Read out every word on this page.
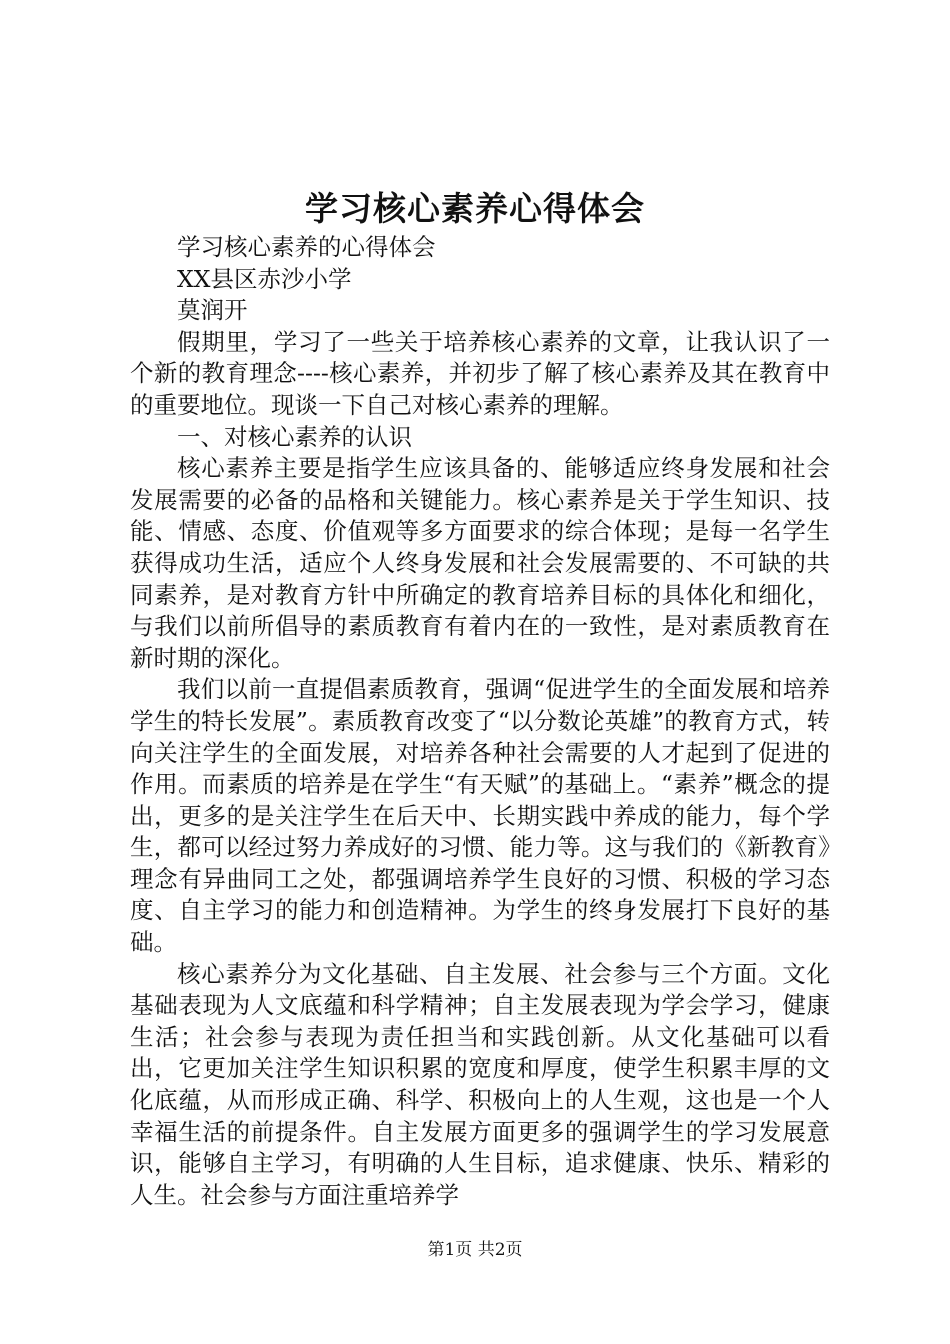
学习核心素养心得体会

学习核心素养的心得体会

XX县区赤沙小学

莫润开

假期里，学习了一些关于培养核心素养的文章，让我认识了一个新的教育理念----核心素养，并初步了解了核心素养及其在教育中的重要地位。现谈一下自己对核心素养的理解。

一、对核心素养的认识

核心素养主要是指学生应该具备的、能够适应终身发展和社会发展需要的必备的品格和关键能力。核心素养是关于学生知识、技能、情感、态度、价值观等多方面要求的综合体现；是每一名学生获得成功生活，适应个人终身发展和社会发展需要的、不可缺的共同素养，是对教育方针中所确定的教育培养目标的具体化和细化，与我们以前所倡导的素质教育有着内在的一致性，是对素质教育在新时期的深化。

我们以前一直提倡素质教育，强调“促进学生的全面发展和培养学生的特长发展”。素质教育改变了“以分数论英雄”的教育方式，转向关注学生的全面发展，对培养各种社会需要的人才起到了促进的作用。而素质的培养是在学生“有天赋”的基础上。“素养”概念的提出，更多的是关注学生在后天中、长期实践中养成的能力，每个学生，都可以经过努力养成好的习惯、能力等。这与我们的《新教育》理念有异曲同工之处，都强调培养学生良好的习惯、积极的学习态度、自主学习的能力和创造精神。为学生的终身发展打下良好的基础。

核心素养分为文化基础、自主发展、社会参与三个方面。文化基础表现为人文底蕴和科学精神；自主发展表现为学会学习，健康生活；社会参与表现为责任担当和实践创新。从文化基础可以看出，它更加关注学生知识积累的宽度和厚度，使学生积累丰厚的文化底蕴，从而形成正确、科学、积极向上的人生观，这也是一个人幸福生活的前提条件。自主发展方面更多的强调学生的学习发展意识，能够自主学习，有明确的人生目标，追求健康、快乐、精彩的人生。社会参与方面注重培养学

第1页 共2页
